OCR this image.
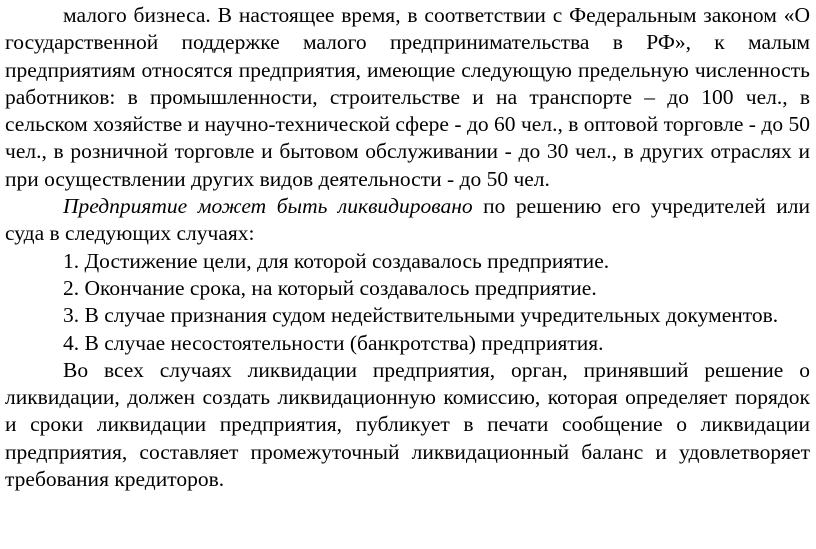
малого бизнеса. В настоящее время, в соответствии с Федеральным законом «О государственной поддержке малого предпринимательства в РФ», к малым предприятиям относятся предприятия, имеющие следующую предельную численность работников: в промышленности, строительстве и на транспорте – до 100 чел., в сельском хозяйстве и научно-технической сфере - до 60 чел., в оптовой торговле - до 50 чел., в розничной торговле и бытовом обслуживании - до 30 чел., в других отраслях и при осуществлении других видов деятельности - до 50 чел.

Предприятие может быть ликвидировано по решению его учредителей или суда в следующих случаях:

1. Достижение цели, для которой создавалось предприятие.

2. Окончание срока, на который создавалось предприятие.

3. В случае признания судом недействительными учредительных документов.

4. В случае несостоятельности (банкротства) предприятия.

Во всех случаях ликвидации предприятия, орган, принявший решение о ликвидации, должен создать ликвидационную комиссию, которая определяет порядок и сроки ликвидации предприятия, публикует в печати сообщение о ликвидации предприятия, составляет промежуточный ликвидационный баланс и удовлетворяет требования кредиторов.
